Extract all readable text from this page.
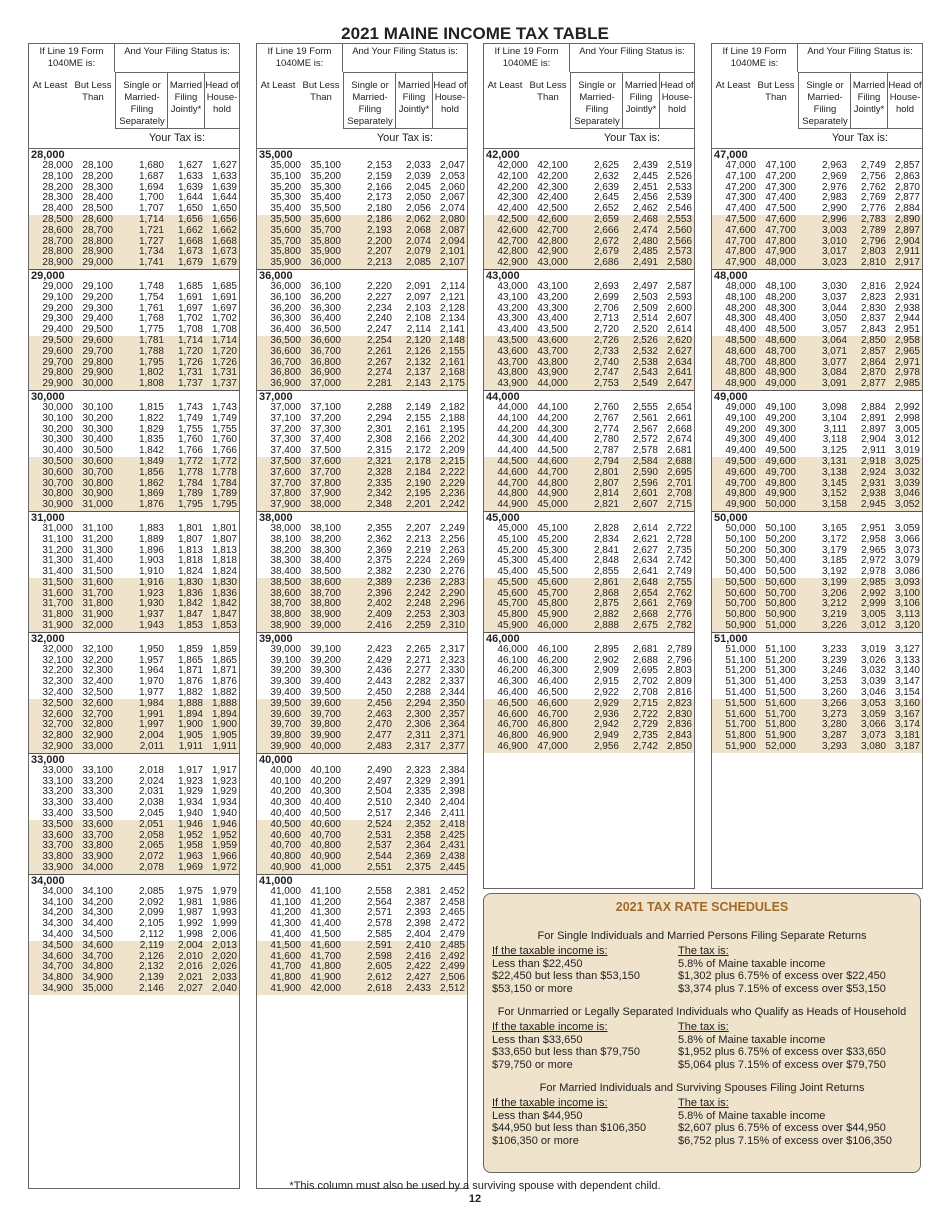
2021 MAINE INCOME TAX TABLE
If Line 19 Form 1040ME is:
And Your Filing Status is:
At Least But Less Than
Single or Married-Filing Separately
Married Filing Jointly*
Head of House-hold
Your Tax is:
28,000
28,000 28,100	1,680	1,627 1,627
28,100 28,200	1,687	1,633 1,633
28,200 28,300	1,694	1,639 1,639
28,300 28,400	1,700	1,644 1,644
28,400 28,500	1,707	1,650 1,650
28,500 28,600	1,714	1,656 1,656
28,600 28,700	1,721	1,662 1,662
28,700 28,800	1,727	1,668 1,668
28,800 28,900	1,734	1,673 1,673
28,900 29,000	1,741	1,679 1,679
29,000
29,000 29,100	1,748	1,685 1,685
29,100 29,200	1,754	1,691 1,691
29,200 29,300	1,761	1,697 1,697
29,300 29,400	1,768	1,702 1,702
29,400 29,500	1,775	1,708 1,708
29,500 29,600	1,781	1,714 1,714
29,600 29,700	1,788	1,720 1,720
29,700 29,800	1,795	1,726 1,726
29,800 29,900	1,802	1,731 1,731
29,900 30,000	1,808	1,737 1,737
30,000
30,000 30,100	1,815	1,743 1,743
30,100 30,200	1,822	1,749 1,749
30,200 30,300	1,829	1,755 1,755
30,300 30,400	1,835	1,760 1,760
30,400 30,500	1,842	1,766 1,766
30,500 30,600	1,849	1,772 1,772
30,600 30,700	1,856	1,778 1,778
30,700 30,800	1,862	1,784 1,784
30,800 30,900	1,869	1,789 1,789
30,900 31,000	1,876	1,795 1,795
31,000
31,000 31,100	1,883	1,801 1,801
31,100 31,200	1,889	1,807 1,807
31,200 31,300	1,896	1,813 1,813
31,300 31,400	1,903	1,818 1,818
31,400 31,500	1,910	1,824 1,824
31,500 31,600	1,916	1,830 1,830
31,600 31,700	1,923	1,836 1,836
31,700 31,800	1,930	1,842 1,842
31,800 31,900	1,937	1,847 1,847
31,900 32,000	1,943	1,853 1,853
32,000
32,000 32,100	1,950	1,859 1,859
32,100 32,200	1,957	1,865 1,865
32,200 32,300	1,964	1,871 1,871
32,300 32,400	1,970	1,876 1,876
32,400 32,500	1,977	1,882 1,882
32,500 32,600	1,984	1,888 1,888
32,600 32,700	1,991	1,894 1,894
32,700 32,800	1,997	1,900 1,900
32,800 32,900	2,004	1,905 1,905
32,900 33,000	2,011	1,911 1,911
33,000
33,000 33,100	2,018	1,917 1,917
33,100 33,200	2,024	1,923 1,923
33,200 33,300	2,031	1,929 1,929
33,300 33,400	2,038	1,934 1,934
33,400 33,500	2,045	1,940 1,940
33,500 33,600	2,051	1,946 1,946
33,600 33,700	2,058	1,952 1,952
33,700 33,800	2,065	1,958 1,959
33,800 33,900	2,072	1,963 1,966
33,900 34,000	2,078	1,969 1,972
34,000
34,000 34,100	2,085	1,975 1,979
34,100 34,200	2,092	1,981 1,986
34,200 34,300	2,099	1,987 1,993
34,300 34,400	2,105	1,992 1,999
34,400 34,500	2,112	1,998 2,006
34,500 34,600	2,119	2,004 2,013
34,600 34,700	2,126	2,010 2,020
34,700 34,800	2,132	2,016 2,026
34,800 34,900	2,139	2,021 2,033
34,900 35,000	2,146	2,027 2,040
If Line 19 Form 1040ME is:
And Your Filing Status is:
At Least But Less Than
Single or Married-Filing Separately
Married Filing Jointly*
Head of House-hold
Your Tax is:
35,000
35,000 35,100	2,153	2,033 2,047
35,100 35,200	2,159	2,039 2,053
35,200 35,300	2,166	2,045 2,060
35,300 35,400	2,173	2,050 2,067
35,400 35,500	2,180	2,056 2,074
35,500 35,600	2,186	2,062 2,080
35,600 35,700	2,193	2,068 2,087
35,700 35,800	2,200	2,074 2,094
35,800 35,900	2,207	2,079 2,101
35,900 36,000	2,213	2,085 2,107
36,000
36,000 36,100	2,220	2,091 2,114
36,100 36,200	2,227	2,097 2,121
36,200 36,300	2,234	2,103 2,128
36,300 36,400	2,240	2,108 2,134
36,400 36,500	2,247	2,114 2,141
36,500 36,600	2,254	2,120 2,148
36,600 36,700	2,261	2,126 2,155
36,700 36,800	2,267	2,132 2,161
36,800 36,900	2,274	2,137 2,168
36,900 37,000	2,281	2,143 2,175
37,000
37,000 37,100	2,288	2,149 2,182
37,100 37,200	2,294	2,155 2,188
37,200 37,300	2,301	2,161 2,195
37,300 37,400	2,308	2,166 2,202
37,400 37,500	2,315	2,172 2,209
37,500 37,600	2,321	2,178 2,215
37,600 37,700	2,328	2,184 2,222
37,700 37,800	2,335	2,190 2,229
37,800 37,900	2,342	2,195 2,236
37,900 38,000	2,348	2,201 2,242
38,000
38,000 38,100	2,355	2,207 2,249
38,100 38,200	2,362	2,213 2,256
38,200 38,300	2,369	2,219 2,263
38,300 38,400	2,375	2,224 2,269
38,400 38,500	2,382	2,230 2,276
38,500 38,600	2,389	2,236 2,283
38,600 38,700	2,396	2,242 2,290
38,700 38,800	2,402	2,248 2,296
38,800 38,900	2,409	2,253 2,303
38,900 39,000	2,416	2,259 2,310
39,000
39,000 39,100	2,423	2,265 2,317
39,100 39,200	2,429	2,271 2,323
39,200 39,300	2,436	2,277 2,330
39,300 39,400	2,443	2,282 2,337
39,400 39,500	2,450	2,288 2,344
39,500 39,600	2,456	2,294 2,350
39,600 39,700	2,463	2,300 2,357
39,700 39,800	2,470	2,306 2,364
39,800 39,900	2,477	2,311 2,371
39,900 40,000	2,483	2,317 2,377
40,000
40,000 40,100	2,490	2,323 2,384
40,100 40,200	2,497	2,329 2,391
40,200 40,300	2,504	2,335 2,398
40,300 40,400	2,510	2,340 2,404
40,400 40,500	2,517	2,346 2,411
40,500 40,600	2,524	2,352 2,418
40,600 40,700	2,531	2,358 2,425
40,700 40,800	2,537	2,364 2,431
40,800 40,900	2,544	2,369 2,438
40,900 41,000	2,551	2,375 2,445
41,000
41,000 41,100	2,558	2,381 2,452
41,100 41,200	2,564	2,387 2,458
41,200 41,300	2,571	2,393 2,465
41,300 41,400	2,578	2,398 2,472
41,400 41,500	2,585	2,404 2,479
41,500 41,600	2,591	2,410 2,485
41,600 41,700	2,598	2,416 2,492
41,700 41,800	2,605	2,422 2,499
41,800 41,900	2,612	2,427 2,506
41,900 42,000	2,618	2,433 2,512
If Line 19 Form 1040ME is:
And Your Filing Status is:
At Least But Less Than
Single or Married-Filing Separately
Married Filing Jointly*
Head of House-hold
Your Tax is:
42,000
42,000 42,100	2,625	2,439 2,519
42,100 42,200	2,632	2,445 2,526
42,200 42,300	2,639	2,451 2,533
42,300 42,400	2,645	2,456 2,539
42,400 42,500	2,652	2,462 2,546
42,500 42,600	2,659	2,468 2,553
42,600 42,700	2,666	2,474 2,560
42,700 42,800	2,672	2,480 2,566
42,800 42,900	2,679	2,485 2,573
42,900 43,000	2,686	2,491 2,580
43,000
43,000 43,100	2,693	2,497 2,587
43,100 43,200	2,699	2,503 2,593
43,200 43,300	2,706	2,509 2,600
43,300 43,400	2,713	2,514 2,607
43,400 43,500	2,720	2,520 2,614
43,500 43,600	2,726	2,526 2,620
43,600 43,700	2,733	2,532 2,627
43,700 43,800	2,740	2,538 2,634
43,800 43,900	2,747	2,543 2,641
43,900 44,000	2,753	2,549 2,647
44,000
44,000 44,100	2,760	2,555 2,654
44,100 44,200	2,767	2,561 2,661
44,200 44,300	2,774	2,567 2,668
44,300 44,400	2,780	2,572 2,674
44,400 44,500	2,787	2,578 2,681
44,500 44,600	2,794	2,584 2,688
44,600 44,700	2,801	2,590 2,695
44,700 44,800	2,807	2,596 2,701
44,800 44,900	2,814	2,601 2,708
44,900 45,000	2,821	2,607 2,715
45,000
45,000 45,100	2,828	2,614 2,722
45,100 45,200	2,834	2,621 2,728
45,200 45,300	2,841	2,627 2,735
45,300 45,400	2,848	2,634 2,742
45,400 45,500	2,855	2,641 2,749
45,500 45,600	2,861	2,648 2,755
45,600 45,700	2,868	2,654 2,762
45,700 45,800	2,875	2,661 2,769
45,800 45,900	2,882	2,668 2,776
45,900 46,000	2,888	2,675 2,782
46,000
46,000 46,100	2,895	2,681 2,789
46,100 46,200	2,902	2,688 2,796
46,200 46,300	2,909	2,695 2,803
46,300 46,400	2,915	2,702 2,809
46,400 46,500	2,922	2,708 2,816
46,500 46,600	2,929	2,715 2,823
46,600 46,700	2,936	2,722 2,830
46,700 46,800	2,942	2,729 2,836
46,800 46,900	2,949	2,735 2,843
46,900 47,000	2,956	2,742 2,850
If Line 19 Form 1040ME is:
And Your Filing Status is:
At Least But Less Than
Single or Married-Filing Separately
Married Filing Jointly*
Head of House-hold
Your Tax is:
47,000
47,000 47,100	2,963	2,749 2,857
47,100 47,200	2,969	2,756 2,863
47,200 47,300	2,976	2,762 2,870
47,300 47,400	2,983	2,769 2,877
47,400 47,500	2,990	2,776 2,884
47,500 47,600	2,996	2,783 2,890
47,600 47,700	3,003	2,789 2,897
47,700 47,800	3,010	2,796 2,904
47,800 47,900	3,017	2,803 2,911
47,900 48,000	3,023	2,810 2,917
48,000
48,000 48,100	3,030	2,816 2,924
48,100 48,200	3,037	2,823 2,931
48,200 48,300	3,044	2,830 2,938
48,300 48,400	3,050	2,837 2,944
48,400 48,500	3,057	2,843 2,951
48,500 48,600	3,064	2,850 2,958
48,600 48,700	3,071	2,857 2,965
48,700 48,800	3,077	2,864 2,971
48,800 48,900	3,084	2,870 2,978
48,900 49,000	3,091	2,877 2,985
49,000
49,000 49,100	3,098	2,884 2,992
49,100 49,200	3,104	2,891 2,998
49,200 49,300	3,111	2,897 3,005
49,300 49,400	3,118	2,904 3,012
49,400 49,500	3,125	2,911 3,019
49,500 49,600	3,131	2,918 3,025
49,600 49,700	3,138	2,924 3,032
49,700 49,800	3,145	2,931 3,039
49,800 49,900	3,152	2,938 3,046
49,900 50,000	3,158	2,945 3,052
50,000
50,000 50,100	3,165	2,951 3,059
50,100 50,200	3,172	2,958 3,066
50,200 50,300	3,179	2,965 3,073
50,300 50,400	3,185	2,972 3,079
50,400 50,500	3,192	2,978 3,086
50,500 50,600	3,199	2,985 3,093
50,600 50,700	3,206	2,992 3,100
50,700 50,800	3,212	2,999 3,106
50,800 50,900	3,219	3,005 3,113
50,900 51,000	3,226	3,012 3,120
51,000
51,000 51,100	3,233	3,019 3,127
51,100 51,200	3,239	3,026 3,133
51,200 51,300	3,246	3,032 3,140
51,300 51,400	3,253	3,039 3,147
51,400 51,500	3,260	3,046 3,154
51,500 51,600	3,266	3,053 3,160
51,600 51,700	3,273	3,059 3,167
51,700 51,800	3,280	3,066 3,174
51,800 51,900	3,287	3,073 3,181
51,900 52,000	3,293	3,080 3,187
2021 TAX RATE SCHEDULES
For Single Individuals and Married Persons Filing Separate Returns
If the taxable income is:	The tax is:
Less than $22,450	5.8% of Maine taxable income
$22,450 but less than $53,150	$1,302 plus 6.75% of excess over $22,450
$53,150 or more	$3,374 plus 7.15% of excess over $53,150
For Unmarried or Legally Separated Individuals who Qualify as Heads of Household
If the taxable income is:	The tax is:
Less than $33,650	5.8% of Maine taxable income
$33,650 but less than $79,750	$1,952 plus 6.75% of excess over $33,650
$79,750 or more	$5,064 plus 7.15% of excess over $79,750
For Married Individuals and Surviving Spouses Filing Joint Returns
If the taxable income is:	The tax is:
Less than $44,950	5.8% of Maine taxable income
$44,950 but less than $106,350	$2,607 plus 6.75% of excess over $44,950
$106,350 or more	$6,752 plus 7.15% of excess over $106,350
*This column must also be used by a surviving spouse with dependent child.
12
